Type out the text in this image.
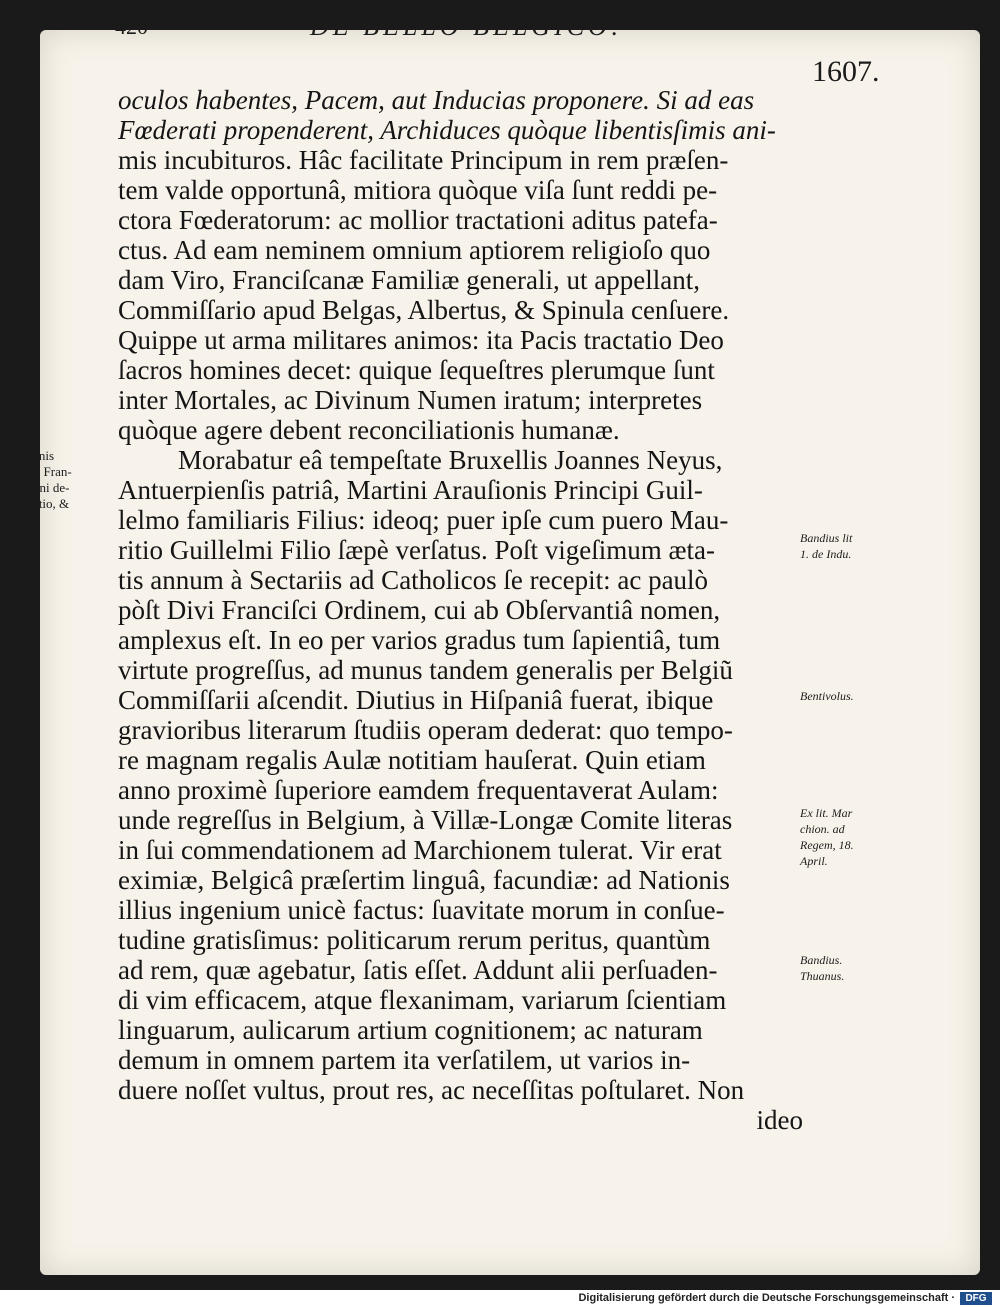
420	DE BELLO BELGICO:
1607.
oculos habentes, Pacem, aut Inducias proponere. Si ad eas
Fœderati propenderent, Archiduces quòque libentisſimis ani-
mis incubituros. Hâc facilitate Principum in rem præſen-
tem valde opportunâ, mitiora quòque viſa ſunt reddi pe-
ctora Fœderatorum: ac mollior tractationi aditus patefa-
ctus. Ad eam neminem omnium aptiorem religioſo quo
dam Viro, Franciſcanæ Familiæ generali, ut appellant,
Commiſſario apud Belgas, Albertus, & Spinula cenſuere.
Quippe ut arma militares animos: ita Pacis tractatio Deo
ſacros homines decet: quique ſequeſtres plerumque ſunt
inter Mortales, ac Divinum Numen iratum; interpretes
quòque agere debent reconciliationis humanæ.
Morabatur eâ tempeſtate Bruxellis Joannes Neyus,
Antuerpienſis patriâ, Martini Arauſionis Principi Guil-
lelmo familiaris Filius: ideoq; puer ipſe cum puero Mau-
ritio Guillelmi Filio ſæpè verſatus. Poſt vigeſimum æta-
tis annum à Sectariis ad Catholicos ſe recepit: ac paulò
pòſt Divi Franciſci Ordinem, cui ab Obſervantiâ nomen,
amplexus eſt. In eo per varios gradus tum ſapientiâ, tum
virtute progreſſus, ad munus tandem generalis per Belgiũ
Commiſſarii aſcendit. Diutius in Hiſpaniâ fuerat, ibique
gravioribus literarum ſtudiis operam dederat: quo tempo-
re magnam regalis Aulæ notitiam hauſerat. Quin etiam
anno proximè ſuperiore eamdem frequentaverat Aulam:
unde regreſſus in Belgium, à Villæ-Longæ Comite literas
in ſui commendationem ad Marchionem tulerat. Vir erat
eximiæ, Belgicâ præſertim linguâ, facundiæ: ad Nationis
illius ingenium unicè factus: ſuavitate morum in conſue-
tudine gratisſimus: politicarum rerum peritus, quantùm
ad rem, quæ agebatur, ſatis eſſet. Addunt alii perſuaden-
di vim efficacem, atque flexanimam, variarum ſcientiam
linguarum, aulicarum artium cognitionem; ac naturam
demum in omnem partem ita verſatilem, ut varios in-
duere noſſet vultus, prout res, ac neceſſitas poſtularet. Non
ideo
Joannis
Neyi Fran-
ciſcani de-
ſcriptio, &
laus.
Bandius lit
1. de Indu.
Bentivolus.
Ex lit. Mar
chion. ad
Regem, 18.
April.
Bandius.
Thuanus.
Digitalisierung gefördert durch die Deutsche Forschungsgemeinschaft ·	DFG
